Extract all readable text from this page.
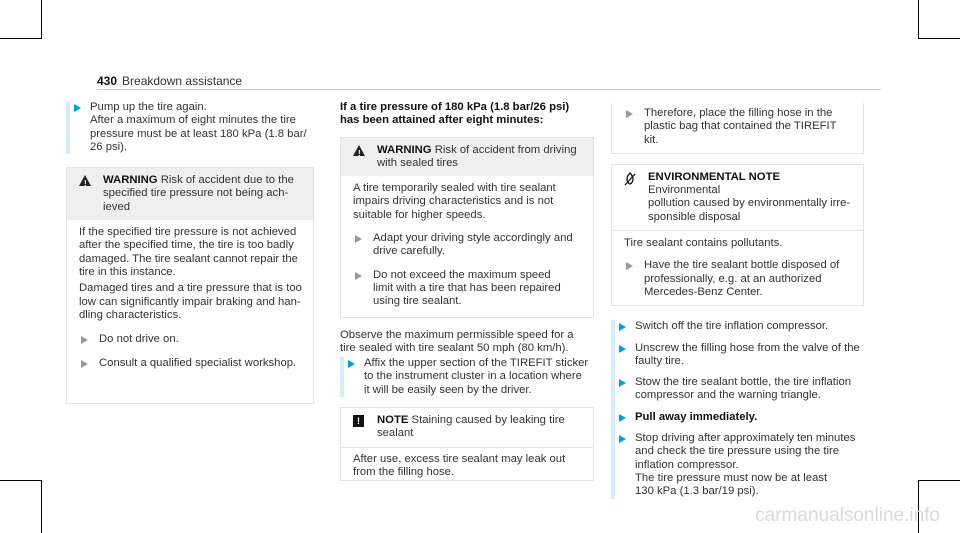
430 Breakdown assistance
Pump up the tire again.
After a maximum of eight minutes the tire
pressure must be at least 180 kPa (1.8 bar/
26 psi).
! WARNING Risk of accident due to the
specified tire pressure not being ach-
ieved
If the specified tire pressure is not achieved
after the specified time, the tire is too badly
damaged. The tire sealant cannot repair the
tire in this instance.
Damaged tires and a tire pressure that is too
low can significantly impair braking and han-
dling characteristics.
Do not drive on.
Consult a qualified specialist workshop.
If a tire pressure of 180 kPa (1.8 bar/26 psi)
has been attained after eight minutes:
! WARNING Risk of accident from driving
with sealed tires
A tire temporarily sealed with tire sealant
impairs driving characteristics and is not
suitable for higher speeds.
Adapt your driving style accordingly and
drive carefully.
Do not exceed the maximum speed
limit with a tire that has been repaired
using tire sealant.
Observe the maximum permissible speed for a
tire sealed with tire sealant 50 mph (80 km/h).
Affix the upper section of the TIREFIT sticker
to the instrument cluster in a location where
it will be easily seen by the driver.
!	NOTE Staining caused by leaking tire
sealant
After use, excess tire sealant may leak out
from the filling hose.
Therefore, place the filling hose in the
plastic bag that contained the TIREFIT
kit.
ENVIRONMENTAL NOTE Environmental
pollution caused by environmentally irre-
sponsible disposal
Tire sealant contains pollutants.
Have the tire sealant bottle disposed of
professionally, e.g. at an authorized
Mercedes-Benz Center.
Switch off the tire inflation compressor.
Unscrew the filling hose from the valve of the
faulty tire.
Stow the tire sealant bottle, the tire inflation
compressor and the warning triangle.
Pull away immediately.
Stop driving after approximately ten minutes
and check the tire pressure using the tire
inflation compressor.
The tire pressure must now be at least
130 kPa (1.3 bar/19 psi).
carmanualsonline.info
